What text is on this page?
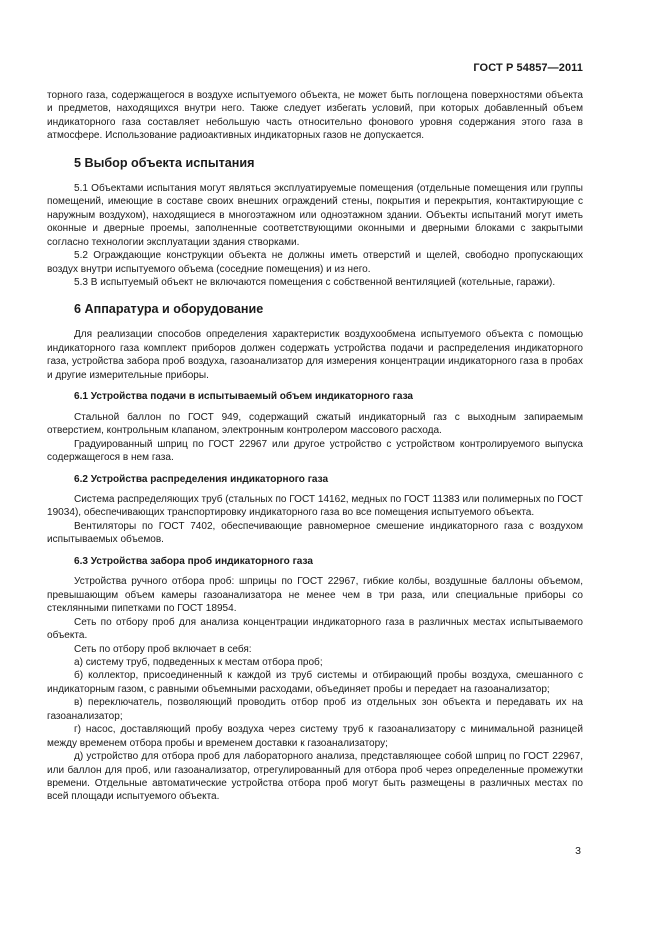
ГОСТ Р 54857—2011

торного газа, содержащегося в воздухе испытуемого объекта, не может быть поглощена поверхностями объекта и предметов, находящихся внутри него. Также следует избегать условий, при которых добавленный объем индикаторного газа составляет небольшую часть относительно фонового уровня содержания этого газа в атмосфере. Использование радиоактивных индикаторных газов не допускается.

5 Выбор объекта испытания

5.1 Объектами испытания могут являться эксплуатируемые помещения (отдельные помещения или группы помещений, имеющие в составе своих внешних ограждений стены, покрытия и перекрытия, контактирующие с наружным воздухом), находящиеся в многоэтажном или одноэтажном здании. Объекты испытаний могут иметь оконные и дверные проемы, заполненные соответствующими оконными и дверными блоками с закрытыми согласно технологии эксплуатации здания створками.

5.2 Ограждающие конструкции объекта не должны иметь отверстий и щелей, свободно пропускающих воздух внутри испытуемого объема (соседние помещения) и из него.

5.3 В испытуемый объект не включаются помещения с собственной вентиляцией (котельные, гаражи).

6 Аппаратура и оборудование

Для реализации способов определения характеристик воздухообмена испытуемого объекта с помощью индикаторного газа комплект приборов должен содержать устройства подачи и распределения индикаторного газа, устройства забора проб воздуха, газоанализатор для измерения концентрации индикаторного газа в пробах и другие измерительные приборы.

6.1 Устройства подачи в испытываемый объем индикаторного газа

Стальной баллон по ГОСТ 949, содержащий сжатый индикаторный газ с выходным запираемым отверстием, контрольным клапаном, электронным контролером массового расхода.

Градуированный шприц по ГОСТ 22967 или другое устройство с устройством контролируемого выпуска содержащегося в нем газа.

6.2 Устройства распределения индикаторного газа

Система распределяющих труб (стальных по ГОСТ 14162, медных по ГОСТ 11383 или полимерных по ГОСТ 19034), обеспечивающих транспортировку индикаторного газа во все помещения испытуемого объекта.

Вентиляторы по ГОСТ 7402, обеспечивающие равномерное смешение индикаторного газа с воздухом испытываемых объемов.

6.3 Устройства забора проб индикаторного газа

Устройства ручного отбора проб: шприцы по ГОСТ 22967, гибкие колбы, воздушные баллоны объемом, превышающим объем камеры газоанализатора не менее чем в три раза, или специальные приборы со стеклянными пипетками по ГОСТ 18954.

Сеть по отбору проб для анализа концентрации индикаторного газа в различных местах испытываемого объекта.

Сеть по отбору проб включает в себя:

а) систему труб, подведенных к местам отбора проб;

б) коллектор, присоединенный к каждой из труб системы и отбирающий пробы воздуха, смешанного с индикаторным газом, с равными объемными расходами, объединяет пробы и передает на газоанализатор;

в) переключатель, позволяющий проводить отбор проб из отдельных зон объекта и передавать их на газоанализатор;

г) насос, доставляющий пробу воздуха через систему труб к газоанализатору с минимальной разницей между временем отбора пробы и временем доставки к газоанализатору;

д) устройство для отбора проб для лабораторного анализа, представляющее собой шприц по ГОСТ 22967, или баллон для проб, или газоанализатор, отрегулированный для отбора проб через определенные промежутки времени. Отдельные автоматические устройства отбора проб могут быть размещены в различных местах по всей площади испытуемого объекта.

3
